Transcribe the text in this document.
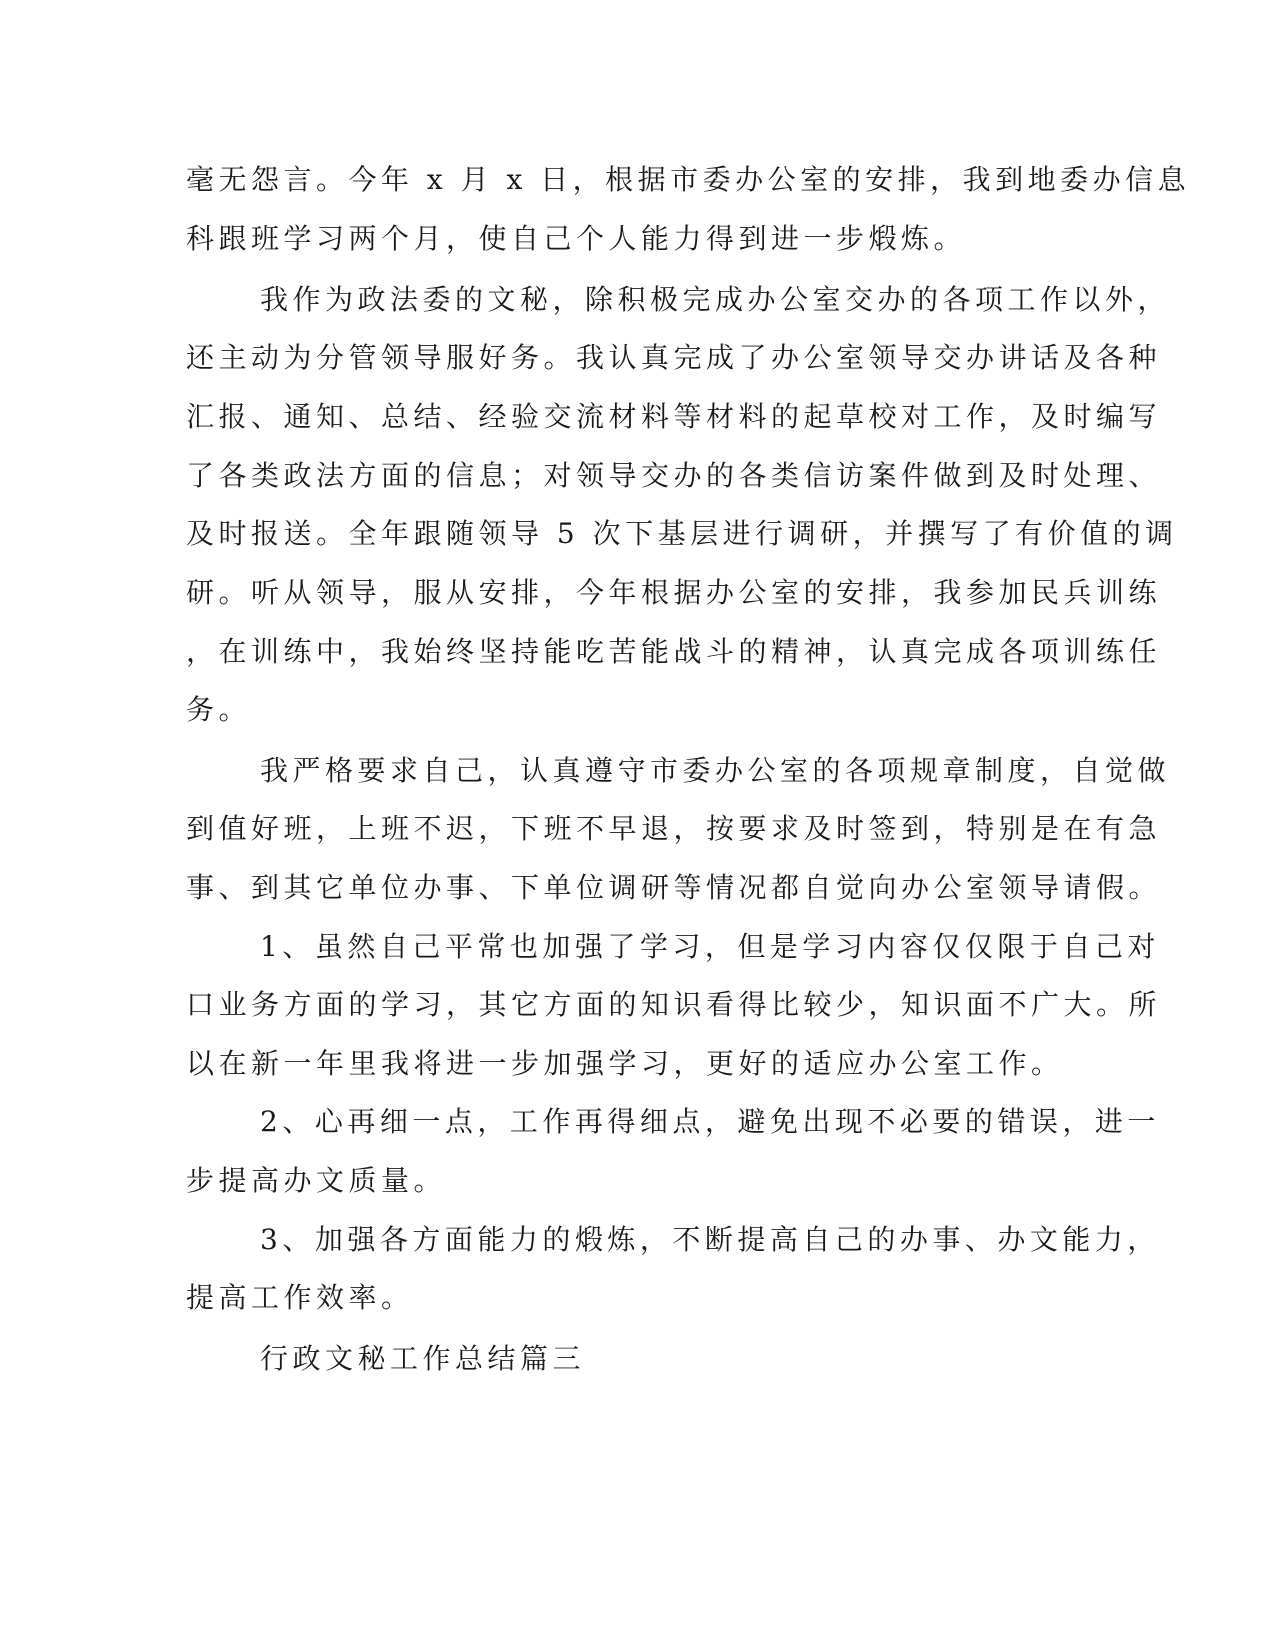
毫无怨言。今年 x 月 x 日，根据市委办公室的安排，我到地委办信息
科跟班学习两个月，使自己个人能力得到进一步煅炼。
我作为政法委的文秘，除积极完成办公室交办的各项工作以外，
还主动为分管领导服好务。我认真完成了办公室领导交办讲话及各种
汇报、通知、总结、经验交流材料等材料的起草校对工作，及时编写
了各类政法方面的信息；对领导交办的各类信访案件做到及时处理、
及时报送。全年跟随领导 5 次下基层进行调研，并撰写了有价值的调
研。听从领导，服从安排，今年根据办公室的安排，我参加民兵训练
，在训练中，我始终坚持能吃苦能战斗的精神，认真完成各项训练任
务。
我严格要求自己，认真遵守市委办公室的各项规章制度，自觉做
到值好班，上班不迟，下班不早退，按要求及时签到，特别是在有急
事、到其它单位办事、下单位调研等情况都自觉向办公室领导请假。
1、虽然自己平常也加强了学习，但是学习内容仅仅限于自己对
口业务方面的学习，其它方面的知识看得比较少，知识面不广大。所
以在新一年里我将进一步加强学习，更好的适应办公室工作。
2、心再细一点，工作再得细点，避免出现不必要的错误，进一
步提高办文质量。
3、加强各方面能力的煅炼，不断提高自己的办事、办文能力，
提高工作效率。
行政文秘工作总结篇三
